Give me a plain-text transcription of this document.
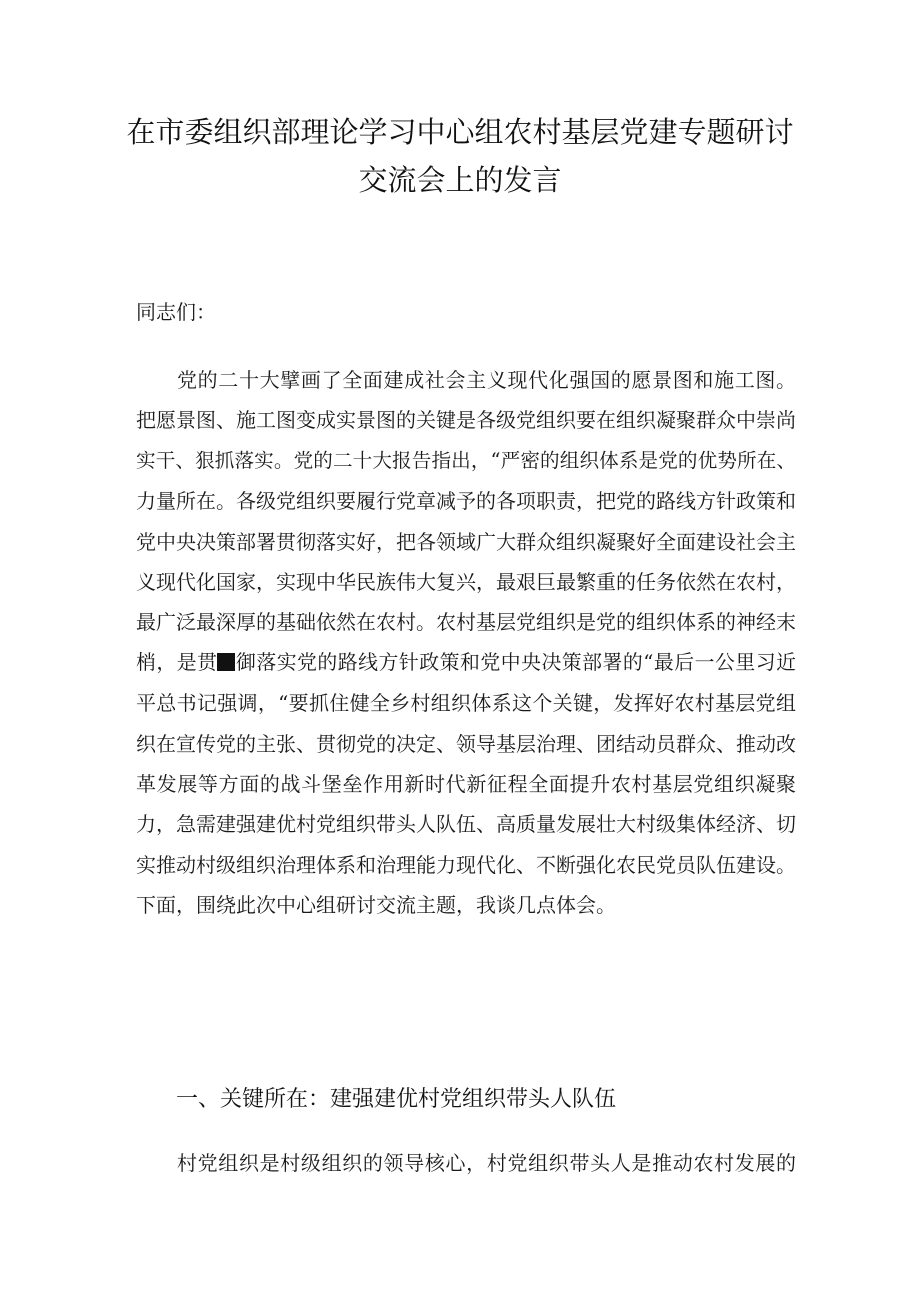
在市委组织部理论学习中心组农村基层党建专题研讨
交流会上的发言
同志们：
党的二十大擘画了全面建成社会主义现代化强国的愿景图和施工图。
把愿景图、施工图变成实景图的关键是各级党组织要在组织凝聚群众中崇尚
实干、狠抓落实。党的二十大报告指出，“严密的组织体系是党的优势所在、
力量所在。各级党组织要履行党章减予的各项职责，把党的路线方针政策和
党中央决策部署贯彻落实好，把各领域广大群众组织凝聚好全面建设社会主
义现代化国家，实现中华民族伟大复兴，最艰巨最繁重的任务依然在农村，
最广泛最深厚的基础依然在农村。农村基层党组织是党的组织体系的神经末
梢，是贯 御落实党的路线方针政策和党中央决策部署的“最后一公里习近
平总书记强调，“要抓住健全乡村组织体系这个关键，发挥好农村基层党组
织在宣传党的主张、贯彻党的决定、领导基层治理、团结动员群众、推动改
革发展等方面的战斗堡垒作用新时代新征程全面提升农村基层党组织凝聚
力，急需建强建优村党组织带头人队伍、高质量发展壮大村级集体经济、切
实推动村级组织治理体系和治理能力现代化、不断强化农民党员队伍建设。
下面，围绕此次中心组研讨交流主题，我谈几点体会。
一、关键所在：建强建优村党组织带头人队伍
村党组织是村级组织的领导核心，村党组织带头人是推动农村发展的
